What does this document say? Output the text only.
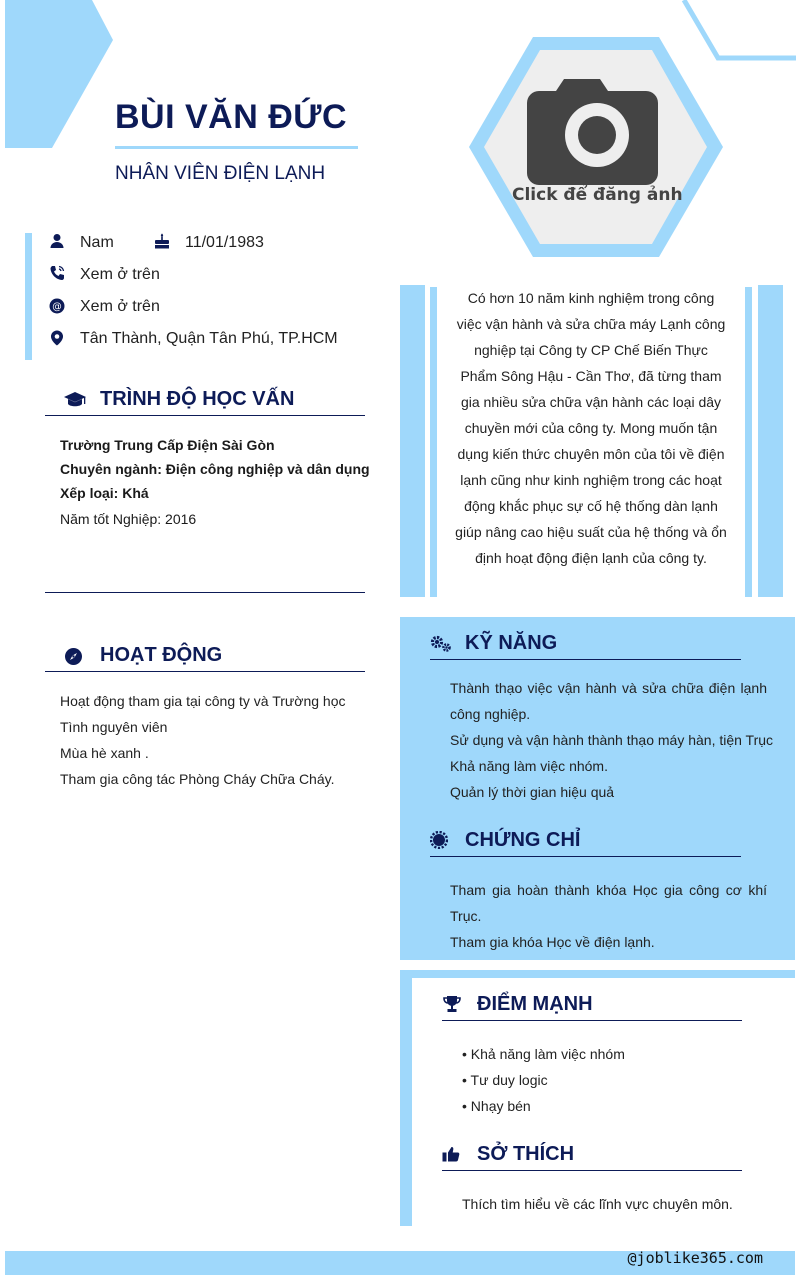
BÙI VĂN ĐỨC
NHÂN VIÊN ĐIỆN LẠNH
Click để đăng ảnh
Nam	11/01/1983
Xem ở trên
@ Xem ở trên
Tân Thành, Quận Tân Phú, TP.HCM
TRÌNH ĐỘ HỌC VẤN
Trường Trung Cấp Điện Sài Gòn
Chuyên ngành: Điện công nghiệp và dân dụng
Xếp loại: Khá
Năm tốt Nghiệp: 2016
HOẠT ĐỘNG
Hoạt động tham gia tại công ty và Trường học
Tình nguyên viên
Mùa hè xanh .
Tham gia công tác Phòng Cháy Chữa Cháy.
Có hơn 10 năm kinh nghiệm trong công việc vận hành và sửa chữa máy Lạnh công nghiệp tại Công ty CP Chế Biến Thực Phẩm Sông Hậu - Cần Thơ, đã từng tham gia nhiều sửa chữa vận hành các loại dây chuyền mới của công ty. Mong muốn tận dụng kiến thức chuyên môn của tôi về điện lạnh cũng như kinh nghiệm trong các hoạt động khắc phục sự cố hệ thống dàn lạnh giúp nâng cao hiệu suất của hệ thống và ổn định hoạt động điện lạnh của công ty.
KỸ NĂNG
Thành thạo việc vận hành và sửa chữa điện lạnh công nghiệp.
Sử dụng và vận hành thành thạo máy hàn, tiện Trục
Khả năng làm việc nhóm.
Quản lý thời gian hiệu quả
CHỨNG CHỈ
Tham gia hoàn thành khóa Học gia công cơ khí Trục.
Tham gia khóa Học về điện lạnh.
ĐIỂM MẠNH
• Khả năng làm việc nhóm
• Tư duy logic
• Nhạy bén
SỞ THÍCH
Thích tìm hiểu về các lĩnh vực chuyên môn.
@joblike365.com
